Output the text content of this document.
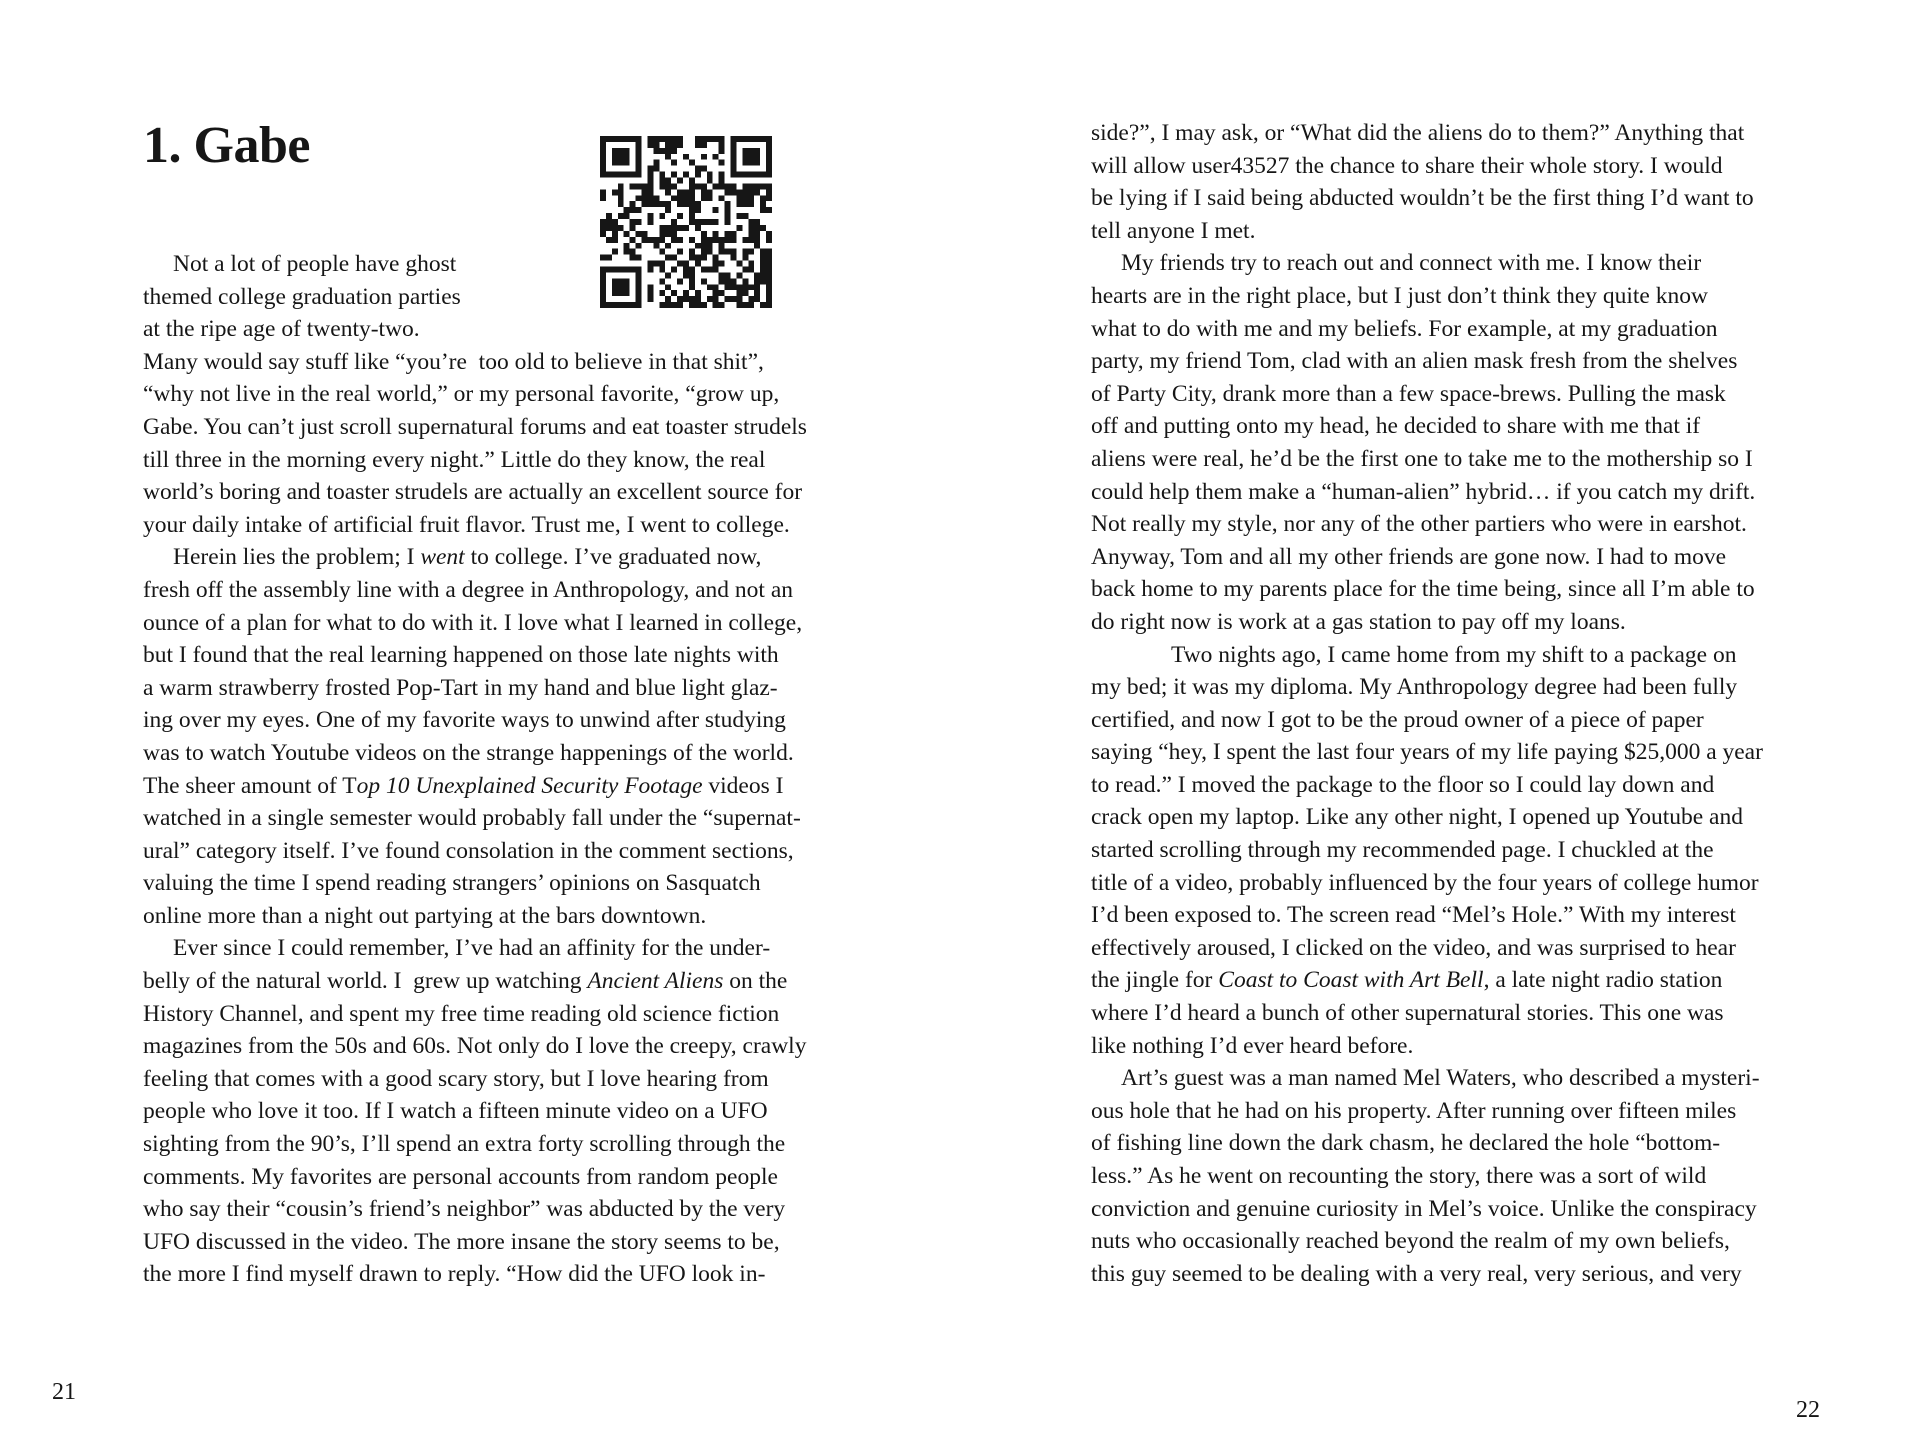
1. Gabe
Not a lot of people have ghost
themed college graduation parties
at the ripe age of twenty-two.
Many would say stuff like “you’re  too old to believe in that shit”,
“why not live in the real world,” or my personal favorite, “grow up,
Gabe. You can’t just scroll supernatural forums and eat toaster strudels
till three in the morning every night.” Little do they know, the real
world’s boring and toaster strudels are actually an excellent source for
your daily intake of artificial fruit flavor. Trust me, I went to college.
Herein lies the problem; I went to college. I’ve graduated now,
fresh off the assembly line with a degree in Anthropology, and not an
ounce of a plan for what to do with it. I love what I learned in college,
but I found that the real learning happened on those late nights with
a warm strawberry frosted Pop-Tart in my hand and blue light glaz-
ing over my eyes. One of my favorite ways to unwind after studying
was to watch Youtube videos on the strange happenings of the world.
The sheer amount of Top 10 Unexplained Security Footage videos I
watched in a single semester would probably fall under the “supernat-
ural” category itself. I’ve found consolation in the comment sections,
valuing the time I spend reading strangers’ opinions on Sasquatch
online more than a night out partying at the bars downtown.
Ever since I could remember, I’ve had an affinity for the under-
belly of the natural world. I  grew up watching Ancient Aliens on the
History Channel, and spent my free time reading old science fiction
magazines from the 50s and 60s. Not only do I love the creepy, crawly
feeling that comes with a good scary story, but I love hearing from
people who love it too. If I watch a fifteen minute video on a UFO
sighting from the 90’s, I’ll spend an extra forty scrolling through the
comments. My favorites are personal accounts from random people
who say their “cousin’s friend’s neighbor” was abducted by the very
UFO discussed in the video. The more insane the story seems to be,
the more I find myself drawn to reply. “How did the UFO look in-

21

side?”, I may ask, or “What did the aliens do to them?” Anything that
will allow user43527 the chance to share their whole story. I would
be lying if I said being abducted wouldn’t be the first thing I’d want to
tell anyone I met.
My friends try to reach out and connect with me. I know their
hearts are in the right place, but I just don’t think they quite know
what to do with me and my beliefs. For example, at my graduation
party, my friend Tom, clad with an alien mask fresh from the shelves
of Party City, drank more than a few space-brews. Pulling the mask
off and putting onto my head, he decided to share with me that if
aliens were real, he’d be the first one to take me to the mothership so I
could help them make a “human-alien” hybrid… if you catch my drift.
Not really my style, nor any of the other partiers who were in earshot.
Anyway, Tom and all my other friends are gone now. I had to move
back home to my parents place for the time being, since all I’m able to
do right now is work at a gas station to pay off my loans.
Two nights ago, I came home from my shift to a package on
my bed; it was my diploma. My Anthropology degree had been fully
certified, and now I got to be the proud owner of a piece of paper
saying “hey, I spent the last four years of my life paying $25,000 a year
to read.” I moved the package to the floor so I could lay down and
crack open my laptop. Like any other night, I opened up Youtube and
started scrolling through my recommended page. I chuckled at the
title of a video, probably influenced by the four years of college humor
I’d been exposed to. The screen read “Mel’s Hole.” With my interest
effectively aroused, I clicked on the video, and was surprised to hear
the jingle for Coast to Coast with Art Bell, a late night radio station
where I’d heard a bunch of other supernatural stories. This one was
like nothing I’d ever heard before.
Art’s guest was a man named Mel Waters, who described a mysteri-
ous hole that he had on his property. After running over fifteen miles
of fishing line down the dark chasm, he declared the hole “bottom-
less.” As he went on recounting the story, there was a sort of wild
conviction and genuine curiosity in Mel’s voice. Unlike the conspiracy
nuts who occasionally reached beyond the realm of my own beliefs,
this guy seemed to be dealing with a very real, very serious, and very

22
